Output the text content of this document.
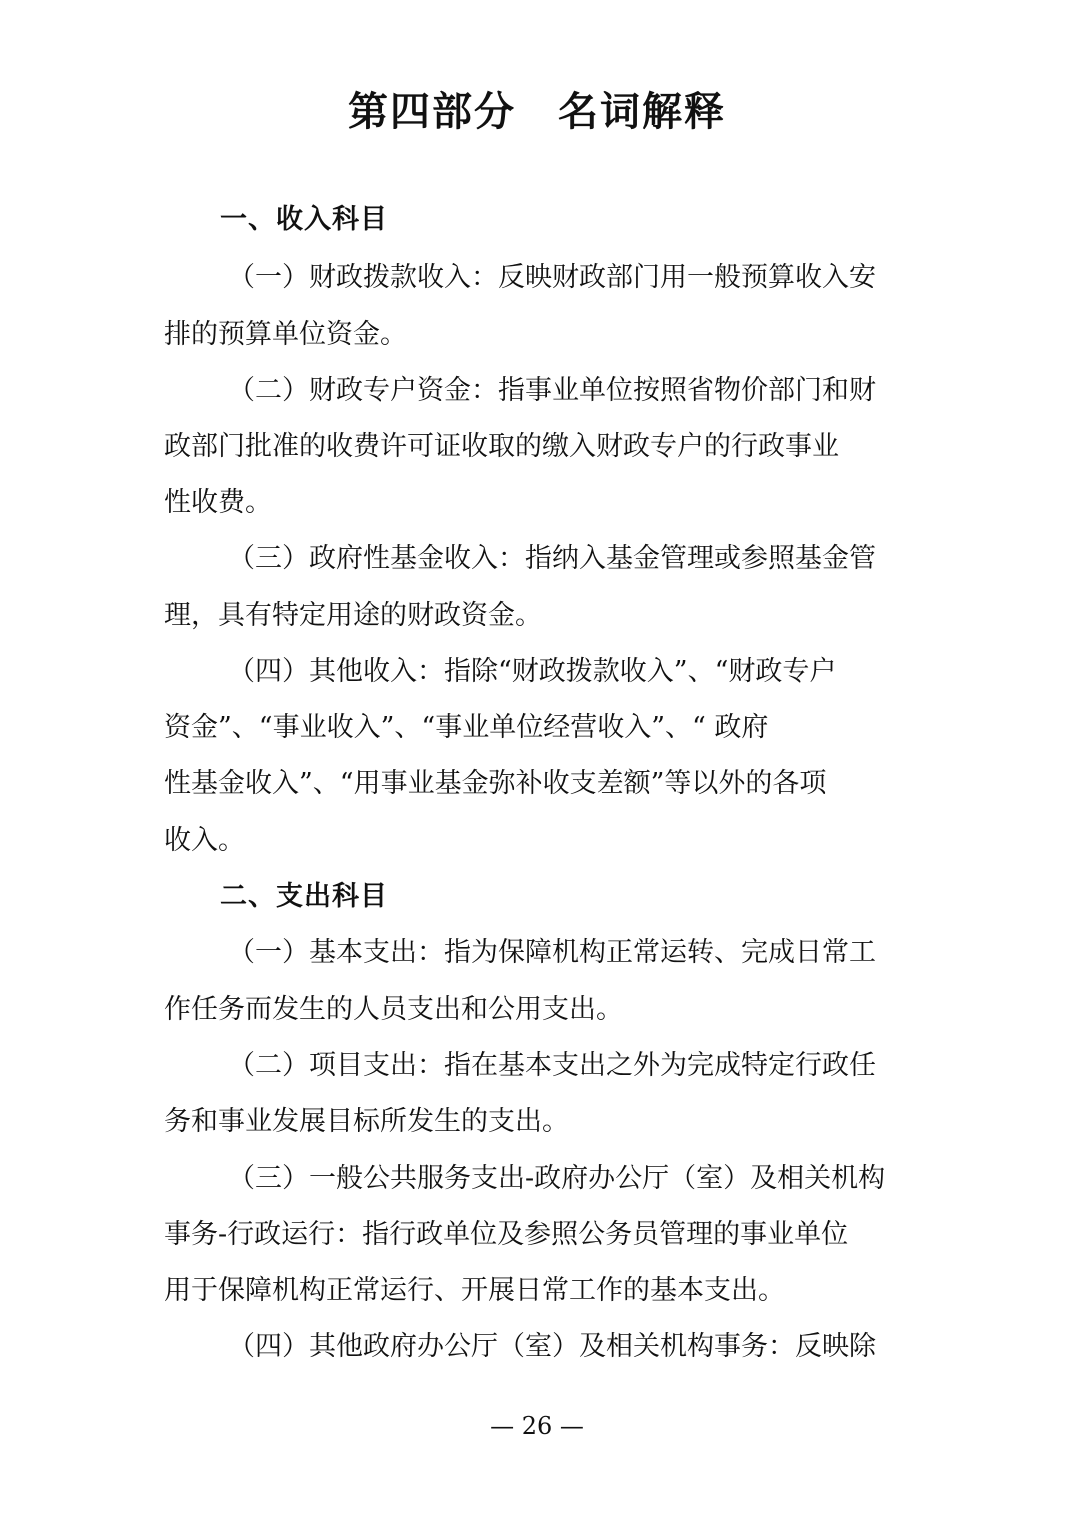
第四部分　名词解释
一、收入科目
（一）财政拨款收入：反映财政部门用一般预算收入安
排的预算单位资金。
（二）财政专户资金：指事业单位按照省物价部门和财
政部门批准的收费许可证收取的缴入财政专户的行政事业
性收费。
（三）政府性基金收入：指纳入基金管理或参照基金管
理，具有特定用途的财政资金。
（四）其他收入：指除“财政拨款收入”、“财政专户
资金”、“事业收入”、“事业单位经营收入”、“ 政府
性基金收入”、“用事业基金弥补收支差额”等以外的各项
收入。
二、支出科目
（一）基本支出：指为保障机构正常运转、完成日常工
作任务而发生的人员支出和公用支出。
（二）项目支出：指在基本支出之外为完成特定行政任
务和事业发展目标所发生的支出。
（三）一般公共服务支出-政府办公厅（室）及相关机构
事务-行政运行：指行政单位及参照公务员管理的事业单位
用于保障机构正常运行、开展日常工作的基本支出。
（四）其他政府办公厅（室）及相关机构事务：反映除
— 26 —
